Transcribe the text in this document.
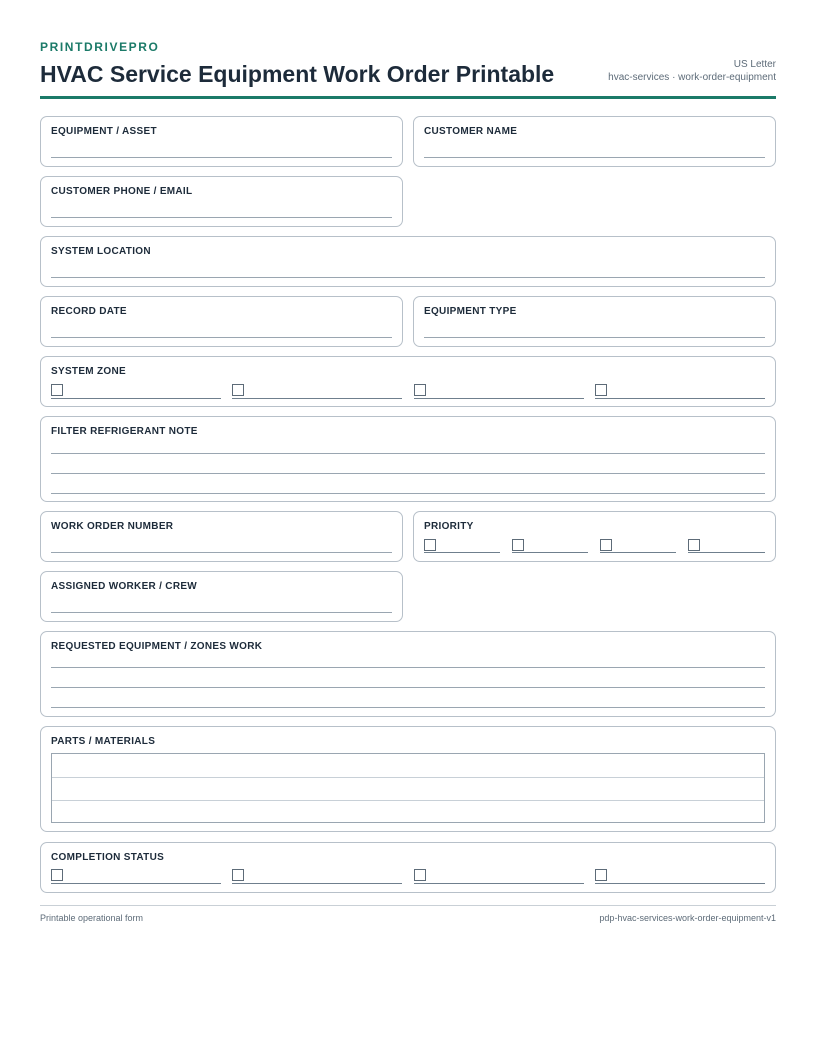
PRINTDRIVEPRO
HVAC Service Equipment Work Order Printable	US Letter
hvac-services · work-order-equipment
EQUIPMENT / ASSET	CUSTOMER NAME
CUSTOMER PHONE / EMAIL
SYSTEM LOCATION
RECORD DATE	EQUIPMENT TYPE
SYSTEM ZONE
FILTER REFRIGERANT NOTE
WORK ORDER NUMBER	PRIORITY
ASSIGNED WORKER / CREW
REQUESTED EQUIPMENT / ZONES WORK
PARTS / MATERIALS
COMPLETION STATUS
Printable operational form	pdp-hvac-services-work-order-equipment-v1
